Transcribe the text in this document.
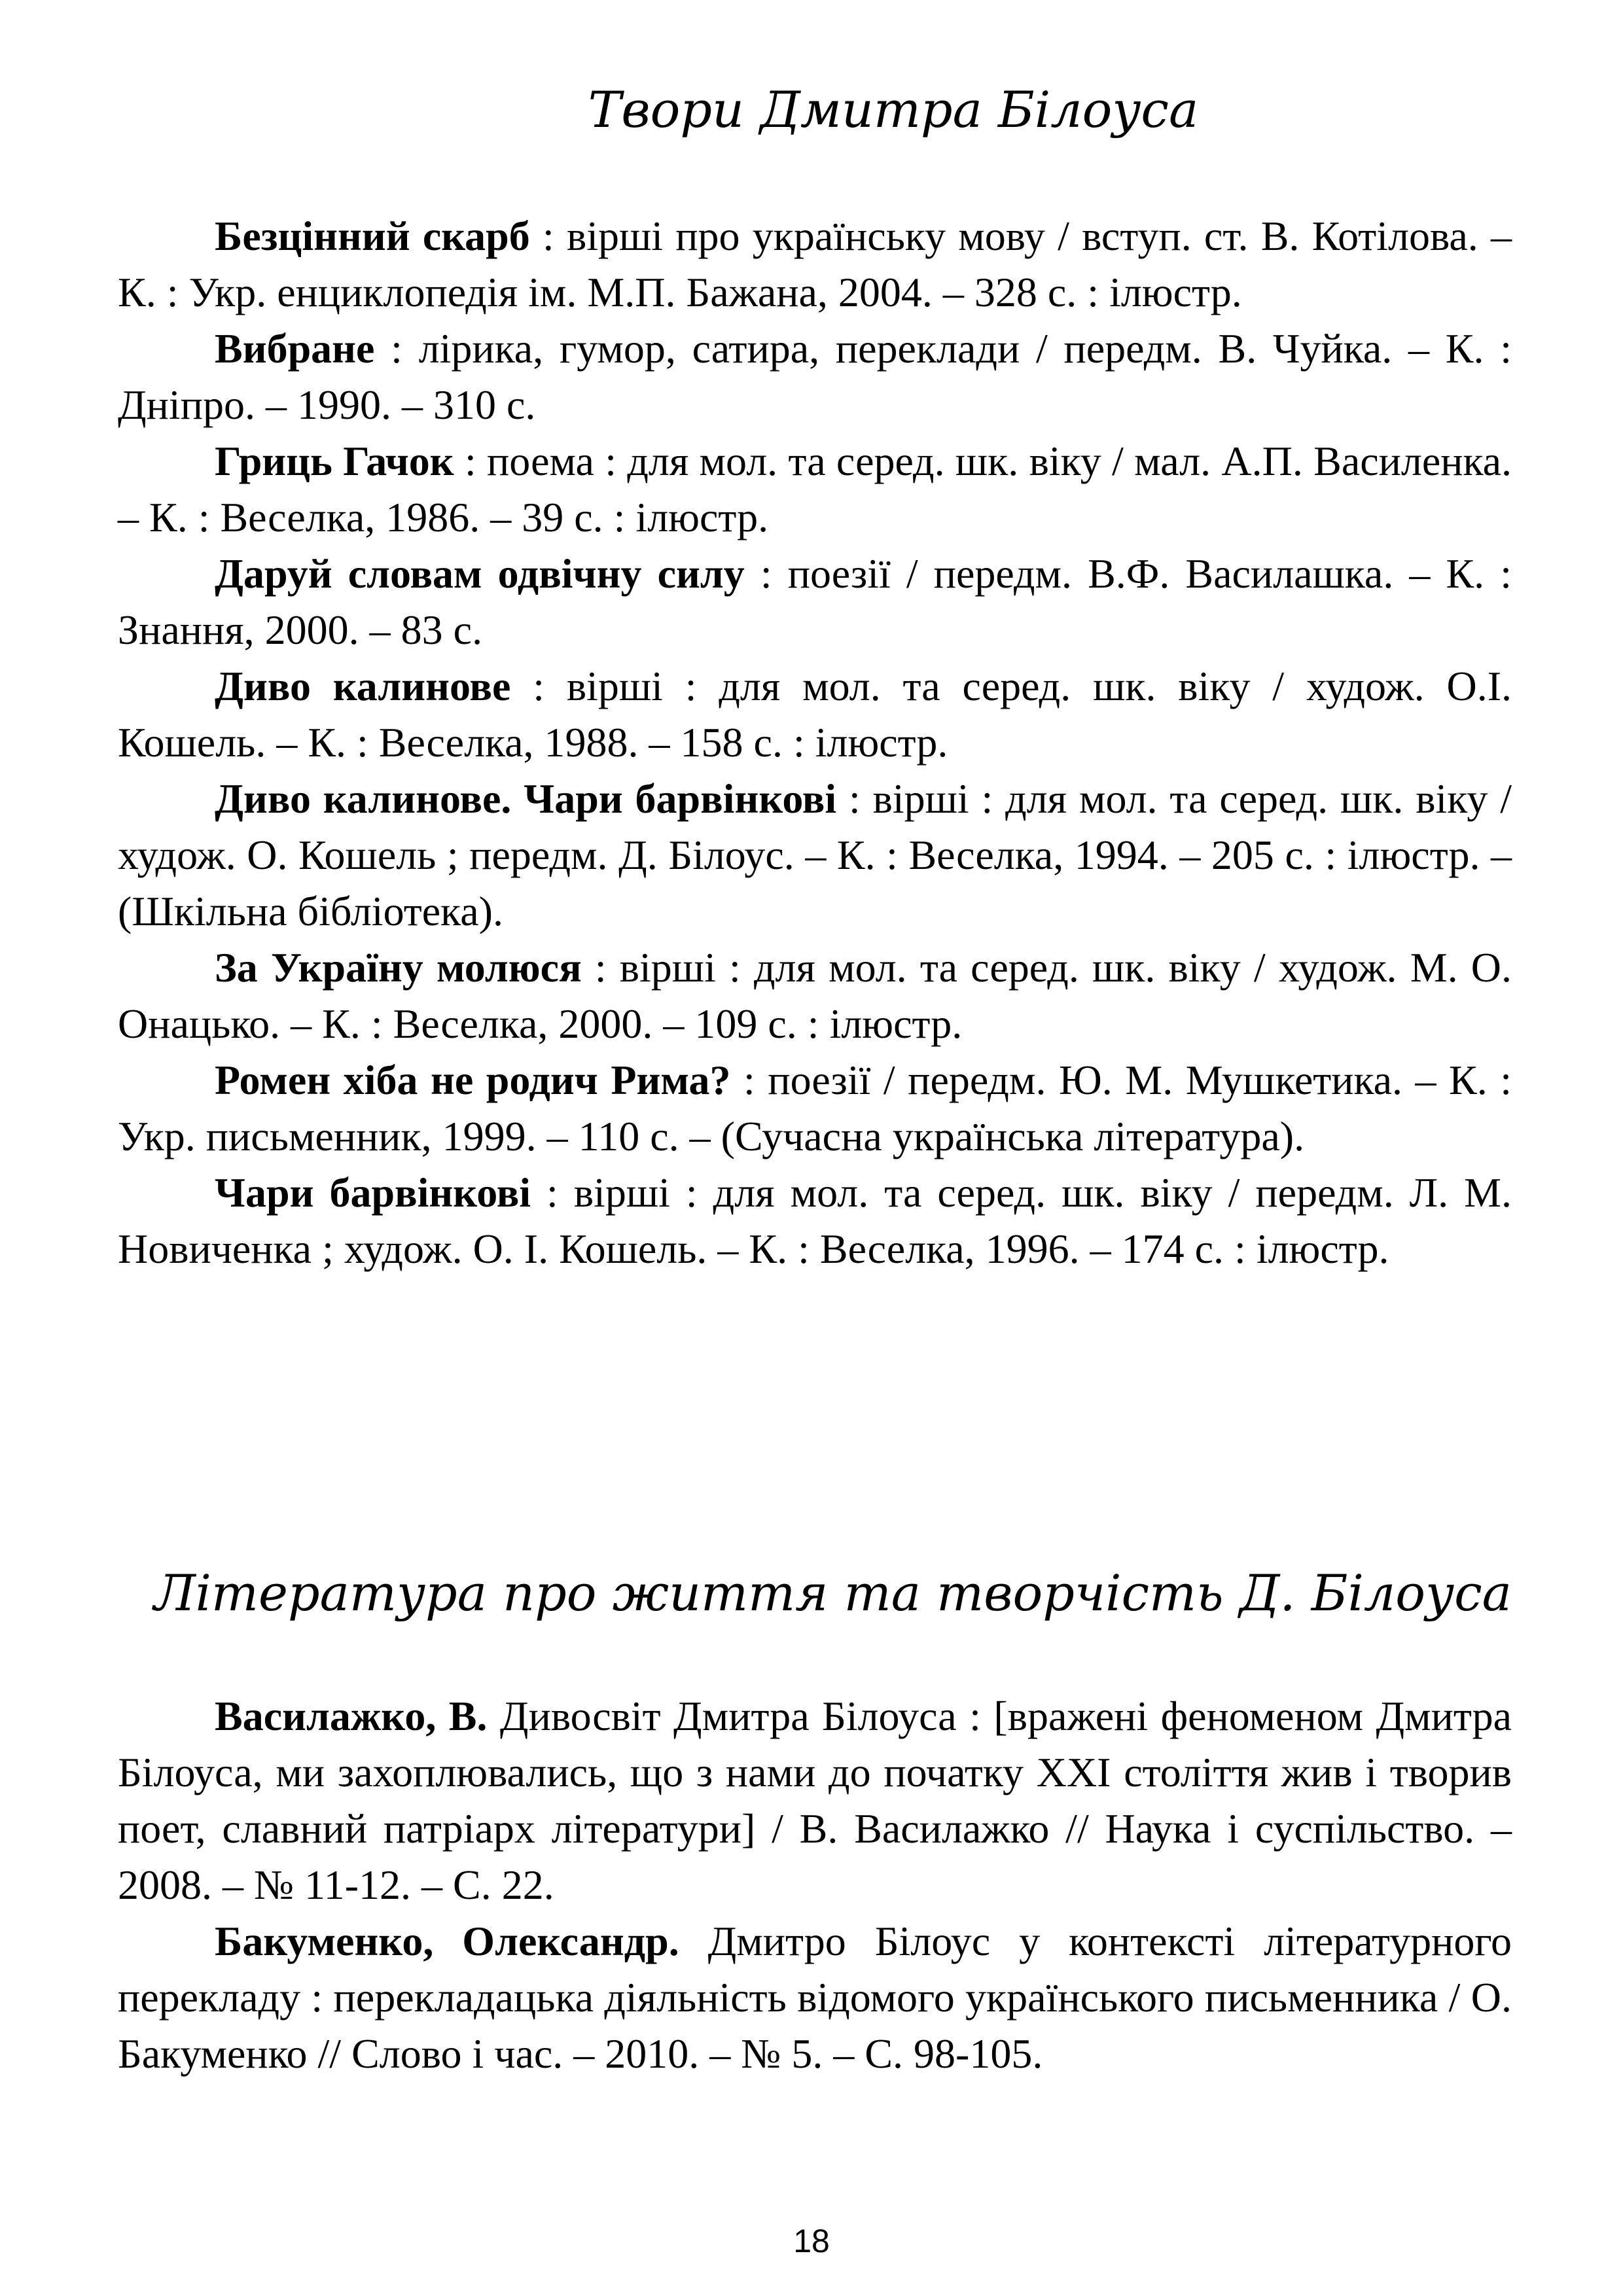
Твори Дмитра Білоуса

Безцінний скарб : вірші про українську мову / вступ. ст. В. Котілова. – К. : Укр. енциклопедія ім. М.П. Бажана, 2004. – 328 с. : ілюстр.

Вибране : лірика, гумор, сатира, переклади / передм. В. Чуйка. – К. : Дніпро. – 1990. – 310 с.

Гриць Гачок : поема : для мол. та серед. шк. віку / мал. А.П. Василенка. – К. : Веселка, 1986. – 39 с. : ілюстр.

Даруй словам одвічну силу : поезії / передм. В.Ф. Василашка. – К. : Знання, 2000. – 83 с.

Диво калинове : вірші : для мол. та серед. шк. віку / худож. О.І. Кошель. – К. : Веселка, 1988. – 158 с. : ілюстр.

Диво калинове. Чари барвінкові : вірші : для мол. та серед. шк. віку / худож. О. Кошель ; передм. Д. Білоус. – К. : Веселка, 1994. – 205 с. : ілюстр. – (Шкільна бібліотека).

За Україну молюся : вірші : для мол. та серед. шк. віку / худож. М. О. Онацько. – К. : Веселка, 2000. – 109 с. : ілюстр.

Ромен хіба не родич Рима? : поезії / передм. Ю. М. Мушкетика. – К. : Укр. письменник, 1999. – 110 с. – (Сучасна українська література).

Чари барвінкові : вірші : для мол. та серед. шк. віку / передм. Л. М. Новиченка ; худож. О. І. Кошель. – К. : Веселка, 1996. – 174 с. : ілюстр.

Література про життя та творчість Д. Білоуса

Василажко, В. Дивосвіт Дмитра Білоуса : [вражені феноменом Дмитра Білоуса, ми захоплювались, що з нами до початку ХХІ століття жив і творив поет, славний патріарх літератури] / В. Василажко // Наука і суспільство. – 2008. – № 11-12. – С. 22.

Бакуменко, Олександр. Дмитро Білоус у контексті літературного перекладу : перекладацька діяльність відомого українського письменника / О. Бакуменко // Слово і час. – 2010. – № 5. – С. 98-105.

18
